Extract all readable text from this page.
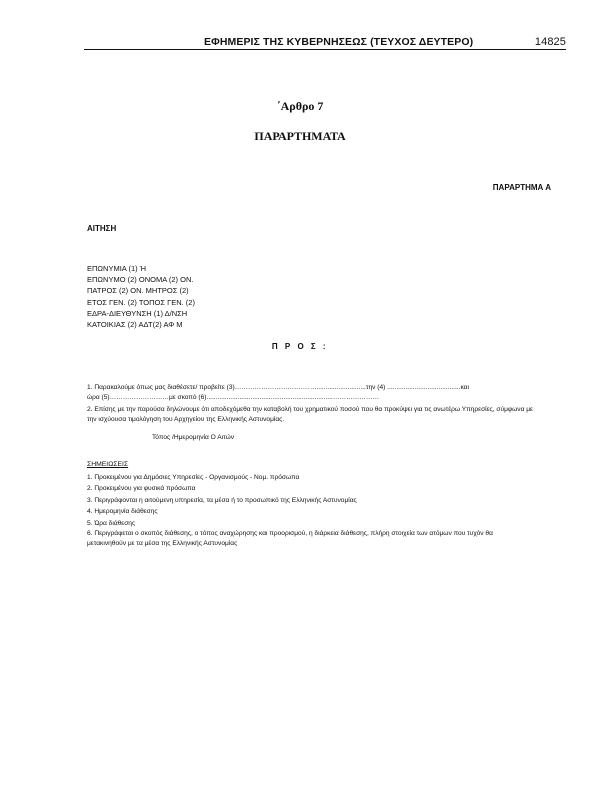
ΕΦΗΜΕΡΙΣ ΤΗΣ ΚΥΒΕΡΝΗΣΕΩΣ (ΤΕΥΧΟΣ ΔΕΥΤΕΡΟ)	14825
΄Αρθρο 7
ΠΑΡΑΡΤΗΜΑΤΑ
ΠΑΡΑΡΤΗΜΑ Α
ΑΙΤΗΣΗ
ΕΠΩΝΥΜΙΑ (1) Ή
ΕΠΩΝΥΜΟ (2) ΟΝΟΜΑ (2) ΟΝ.
ΠΑΤΡΟΣ (2) ΟΝ. ΜΗΤΡΟΣ (2)
ΕΤΟΣ ΓΕΝ. (2) ΤΟΠΟΣ ΓΕΝ. (2)
ΕΔΡΑ-ΔΙΕΥΘΥΝΣΗ (1) Δ/ΝΣΗ
ΚΑΤΟΙΚΙΑΣ (2) ΑΔΤ(2) ΑΦ Μ
Π Ρ Ο Σ :
1. Παρακαλούμε όπως μας διαθέσετε/ προβείτε (3)……………………………. ..............................την (4) ........................................και
ώρα (5)………………………με σκοπό (6).....................................................................…………………
2. Επίσης με την παρούσα δηλώνουμε ότι αποδεχόμεθα την καταβολή του χρηματικού ποσού που θα προκύψει για τις ανωτέρω Υπηρεσίες, σύμφωνα με την ισχύουσα τιμολόγηση του Αρχηγείου της Ελληνικής Αστυνομίας.
Τόπος /Ημερομηνία Ο Αιτών
ΣΗΜΕΙΩΣΕΙΣ
1. Προκειμένου για Δημόσιες Υπηρεσίες - Οργανισμούς - Νομ. πρόσωπα
2. Προκειμένου για φυσικά πρόσωπα
3. Περιγράφονται η αιτούμενη υπηρεσία, τα μέσα ή το προσωπικό της Ελληνικής Αστυνομίας
4. Ημερομηνία διάθεσης
5. Ώρα διάθεσης
6. Περιγράφεται ο σκοπός διάθεσης, ο τόπος αναχώρησης και προορισμού, η διάρκεια διάθεσης, πλήρη στοιχεία των ατόμων που τυχόν θα μετακινηθούν με τα μέσα της Ελληνικής Αστυνομίας
